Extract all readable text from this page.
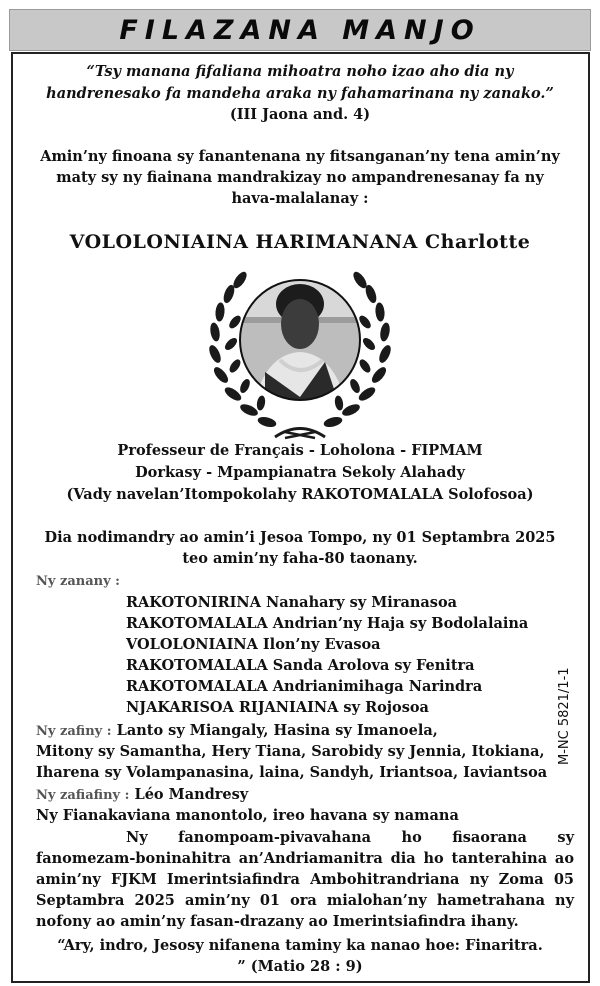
FILAZANA MANJO
“Tsy manana fifaliana mihoatra noho izao aho dia ny
handrenesako fa mandeha araka ny fahamarinana ny zanako.”
(III Jaona and. 4)
Amin’ny finoana sy fanantenana ny fitsanganan’ny tena amin’ny
maty sy ny fiainana mandrakizay no ampandrenesanay fa ny
hava-malalanay :
VOLOLONIAINA HARIMANANA Charlotte
Professeur de Français - Loholona - FIPMAM
Dorkasy - Mpampianatra Sekoly Alahady
(Vady navelan’Itompokolahy RAKOTOMALALA Solofosoa)
Dia nodimandry ao amin’i Jesoa Tompo, ny 01 Septambra 2025
teo amin’ny faha-80 taonany.
Ny zanany :
RAKOTONIRINA Nanahary sy Miranasoa
RAKOTOMALALA Andrian’ny Haja sy Bodolalaina
VOLOLONIAINA Ilon’ny Evasoa
RAKOTOMALALA Sanda Arolova sy Fenitra
RAKOTOMALALA Andrianimihaga Narindra
NJAKARISOA RIJANIAINA sy Rojosoa
Ny zafiny : Lanto sy Miangaly, Hasina sy Imanoela,
Mitony sy Samantha, Hery Tiana, Sarobidy sy Jennia, Itokiana,
Iharena sy Volampanasina, laina, Sandyh, Iriantsoa, Iaviantsoa
Ny zafiafiny : Léo Mandresy
Ny Fianakaviana manontolo, ireo havana sy namana
Ny fanompoam-pivavahana ho fisaorana sy
fanomezam-boninahitra an’Andriamanitra dia ho tanterahina ao
amin’ny FJKM Imerintsiafindra Ambohitrandriana ny Zoma 05
Septambra 2025 amin’ny 01 ora mialohan’ny hametrahana ny
nofony ao amin’ny fasan-drazany ao Imerintsiafindra ihany.
“Ary, indro, Jesosy nifanena taminy ka nanao hoe: Finaritra.
” (Matio 28 : 9)
M-NC 5821/1-1
